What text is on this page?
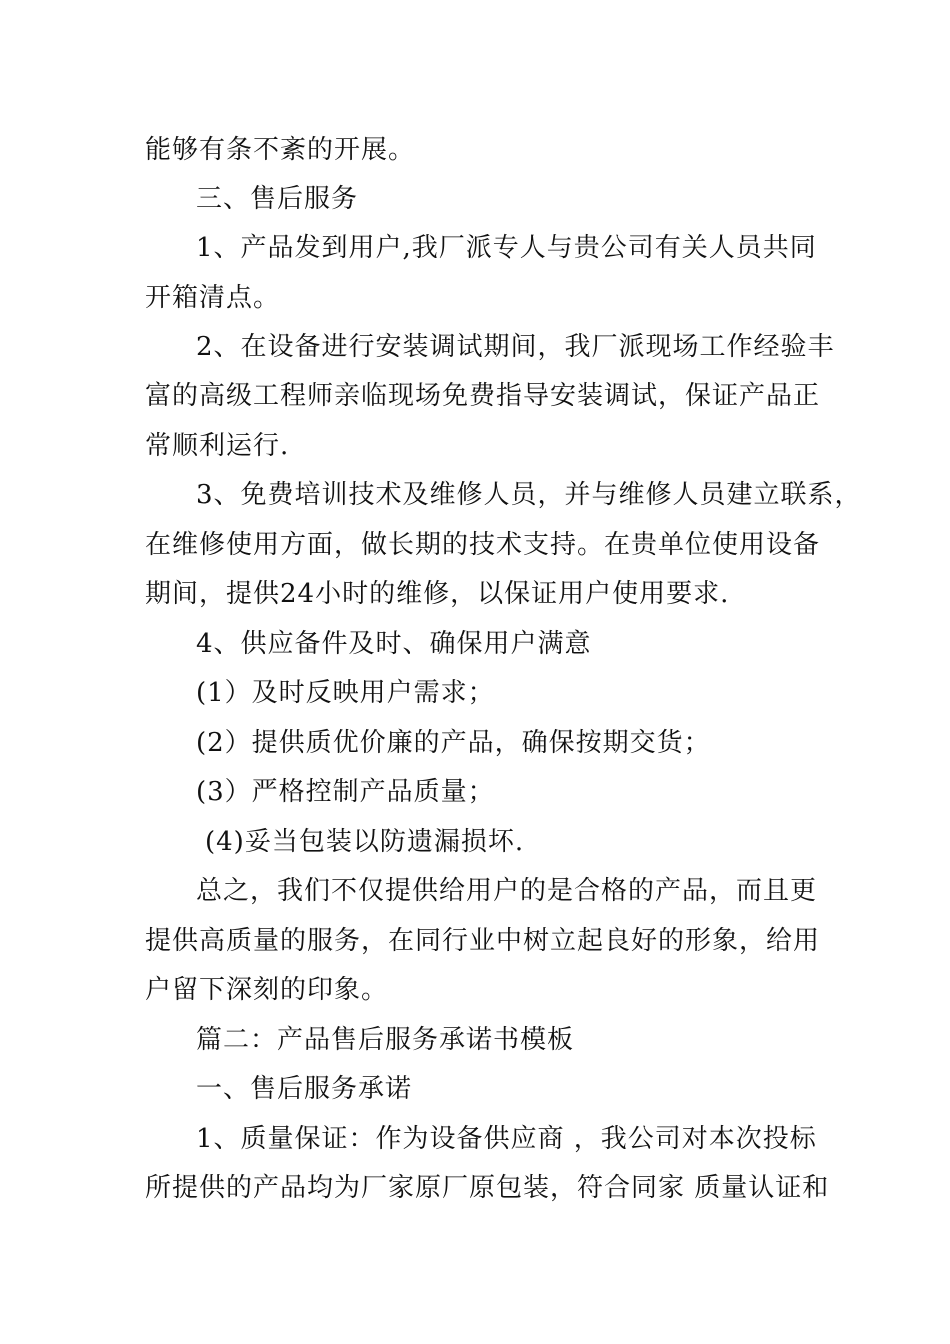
能够有条不紊的开展。
三、售后服务
1、产品发到用户,我厂派专人与贵公司有关人员共同
开箱清点。
2、在设备进行安装调试期间，我厂派现场工作经验丰
富的高级工程师亲临现场免费指导安装调试，保证产品正
常顺利运行.
3、免费培训技术及维修人员，并与维修人员建立联系，
在维修使用方面，做长期的技术支持。在贵单位使用设备
期间，提供24小时的维修，以保证用户使用要求.
4、供应备件及时、确保用户满意
(1）及时反映用户需求；
(2）提供质优价廉的产品，确保按期交货；
(3）严格控制产品质量；
(4)妥当包装以防遗漏损坏.
总之，我们不仅提供给用户的是合格的产品，而且更
提供高质量的服务，在同行业中树立起良好的形象，给用
户留下深刻的印象。
篇二：产品售后服务承诺书模板
一、售后服务承诺
1、质量保证：作为设备供应商 ，我公司对本次投标
所提供的产品均为厂家原厂原包装，符合同家 质量认证和
